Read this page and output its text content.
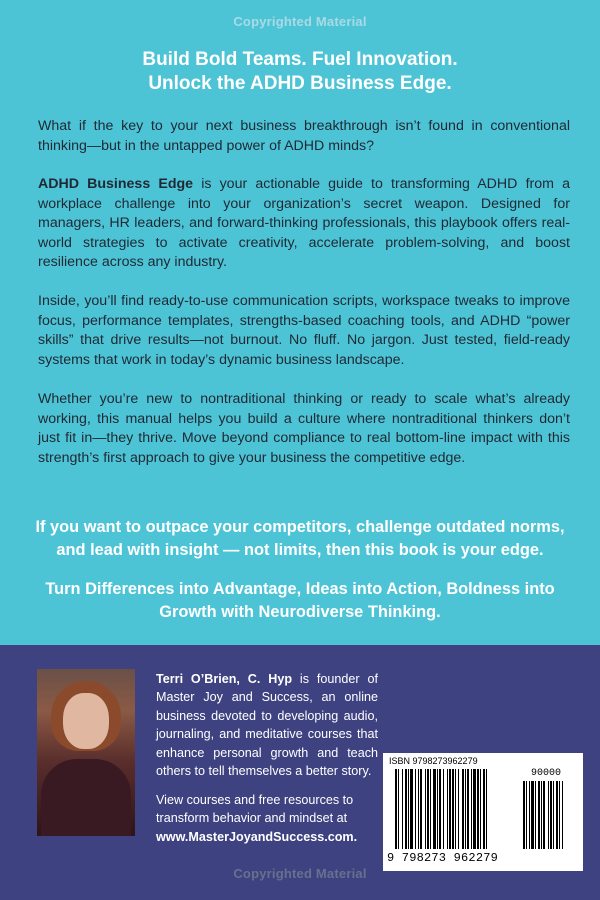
Copyrighted Material
Build Bold Teams. Fuel Innovation.
Unlock the ADHD Business Edge.
What if the key to your next business breakthrough isn’t found in conventional thinking—but in the untapped power of ADHD minds?
ADHD Business Edge is your actionable guide to transforming ADHD from a workplace challenge into your organization’s secret weapon. Designed for managers, HR leaders, and forward-thinking professionals, this playbook offers real-world strategies to activate creativity, accelerate problem-solving, and boost resilience across any industry.
Inside, you’ll find ready-to-use communication scripts, workspace tweaks to improve focus, performance templates, strengths-based coaching tools, and ADHD “power skills” that drive results—not burnout. No fluff. No jargon. Just tested, field-ready systems that work in today’s dynamic business landscape.
Whether you’re new to nontraditional thinking or ready to scale what’s already working, this manual helps you build a culture where nontraditional thinkers don’t just fit in—they thrive. Move beyond compliance to real bottom-line impact with this strength’s first approach to give your business the competitive edge.
If you want to outpace your competitors, challenge outdated norms, and lead with insight — not limits, then this book is your edge.
Turn Differences into Advantage, Ideas into Action, Boldness into Growth with Neurodiverse Thinking.
Terri O’Brien, C. Hyp is founder of Master Joy and Success, an online business devoted to developing audio, journaling, and meditative courses that enhance personal growth and teach others to tell themselves a better story.
View courses and free resources to transform behavior and mindset at
www.MasterJoyandSuccess.com.
ISBN 9798273962279
90000
9 798273 962279
Copyrighted Material
